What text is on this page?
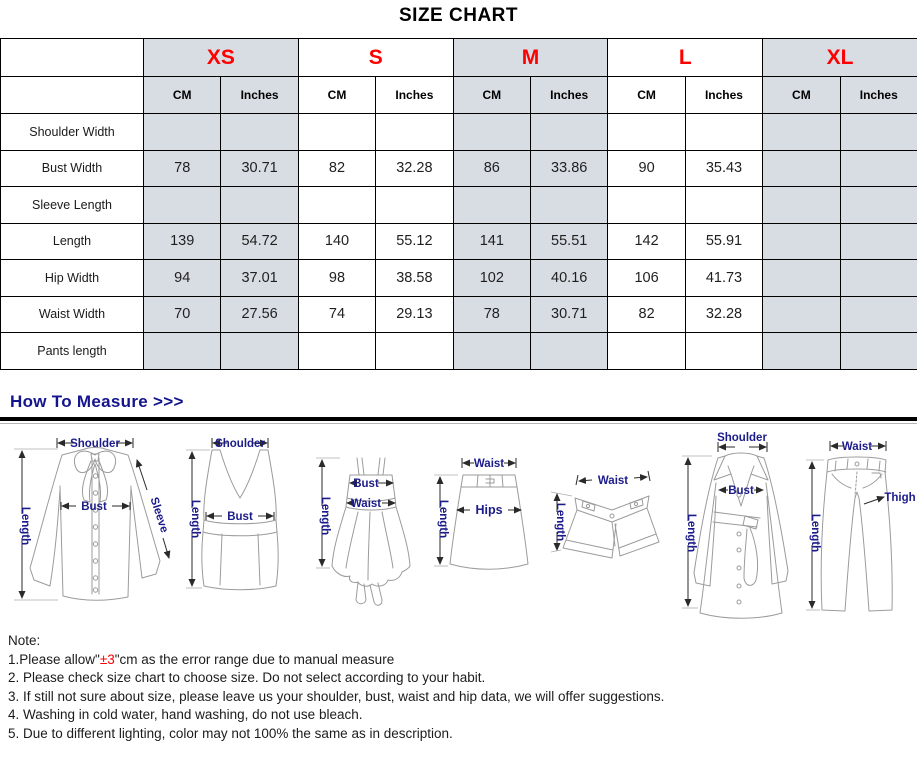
SIZE CHART
	XS		S		M		L		XL	
	CM	Inches	CM	Inches	CM	Inches	CM	Inches	CM	Inches
Shoulder Width										
Bust Width	78	30.71	82	32.28	86	33.86	90	35.43		
Sleeve Length										
Length	139	54.72	140	55.12	141	55.51	142	55.91		
Hip Width	94	37.01	98	38.58	102	40.16	106	41.73		
Waist Width	70	27.56	74	29.13	78	30.71	82	32.28		
Pants length										
How To Measure >>>
Shoulder
Bust
Length	Sleeve
Shoulder
Bust
Length
Bust
Waist
Length
Waist
Hips
Length
Waist
Length
Shoulder
Bust
Length
Waist
Thigh
Length
Note:
1.Please allow"±3"cm as the error range due to manual measure
2. Please check size chart to choose size. Do not select according to your habit.
3. If still not sure about size, please leave us your shoulder, bust, waist and hip data, we will offer suggestions.
4. Washing in cold water, hand washing, do not use bleach.
5. Due to different lighting, color may not 100% the same as in description.
